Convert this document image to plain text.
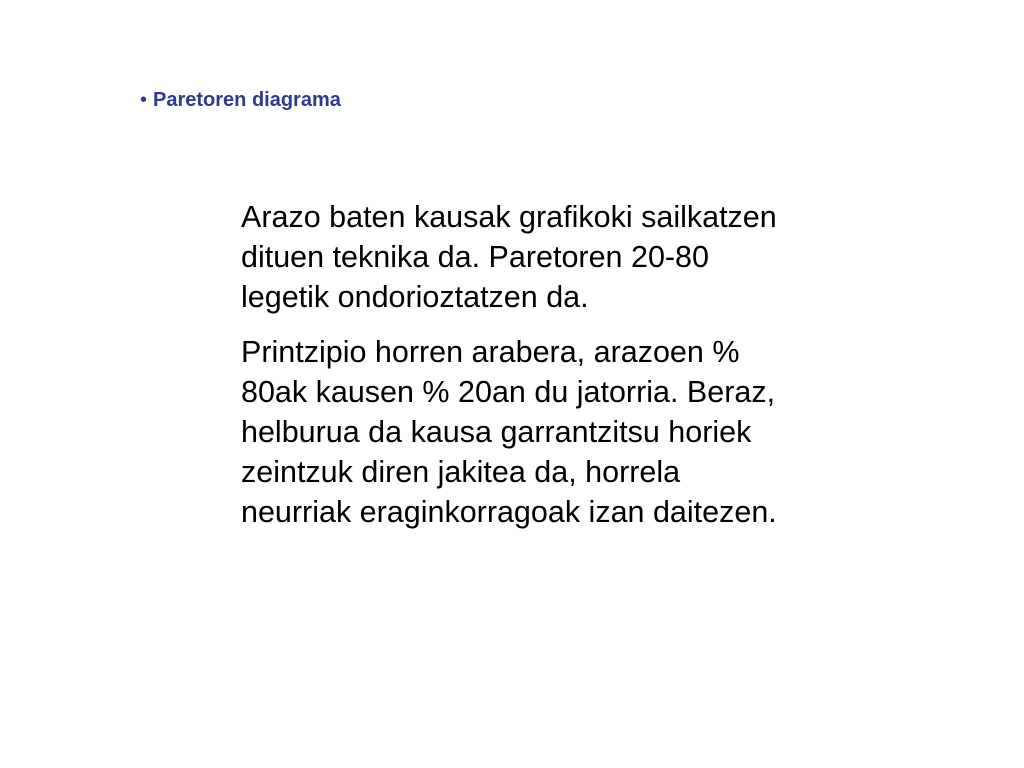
• Paretoren diagrama

Arazo baten kausak grafikoki sailkatzen
dituen teknika da. Paretoren 20-80
legetik ondorioztatzen da.

Printzipio horren arabera, arazoen %
80ak kausen % 20an du jatorria. Beraz,
helburua da kausa garrantzitsu horiek
zeintzuk diren jakitea da, horrela
neurriak eraginkorragoak izan daitezen.
